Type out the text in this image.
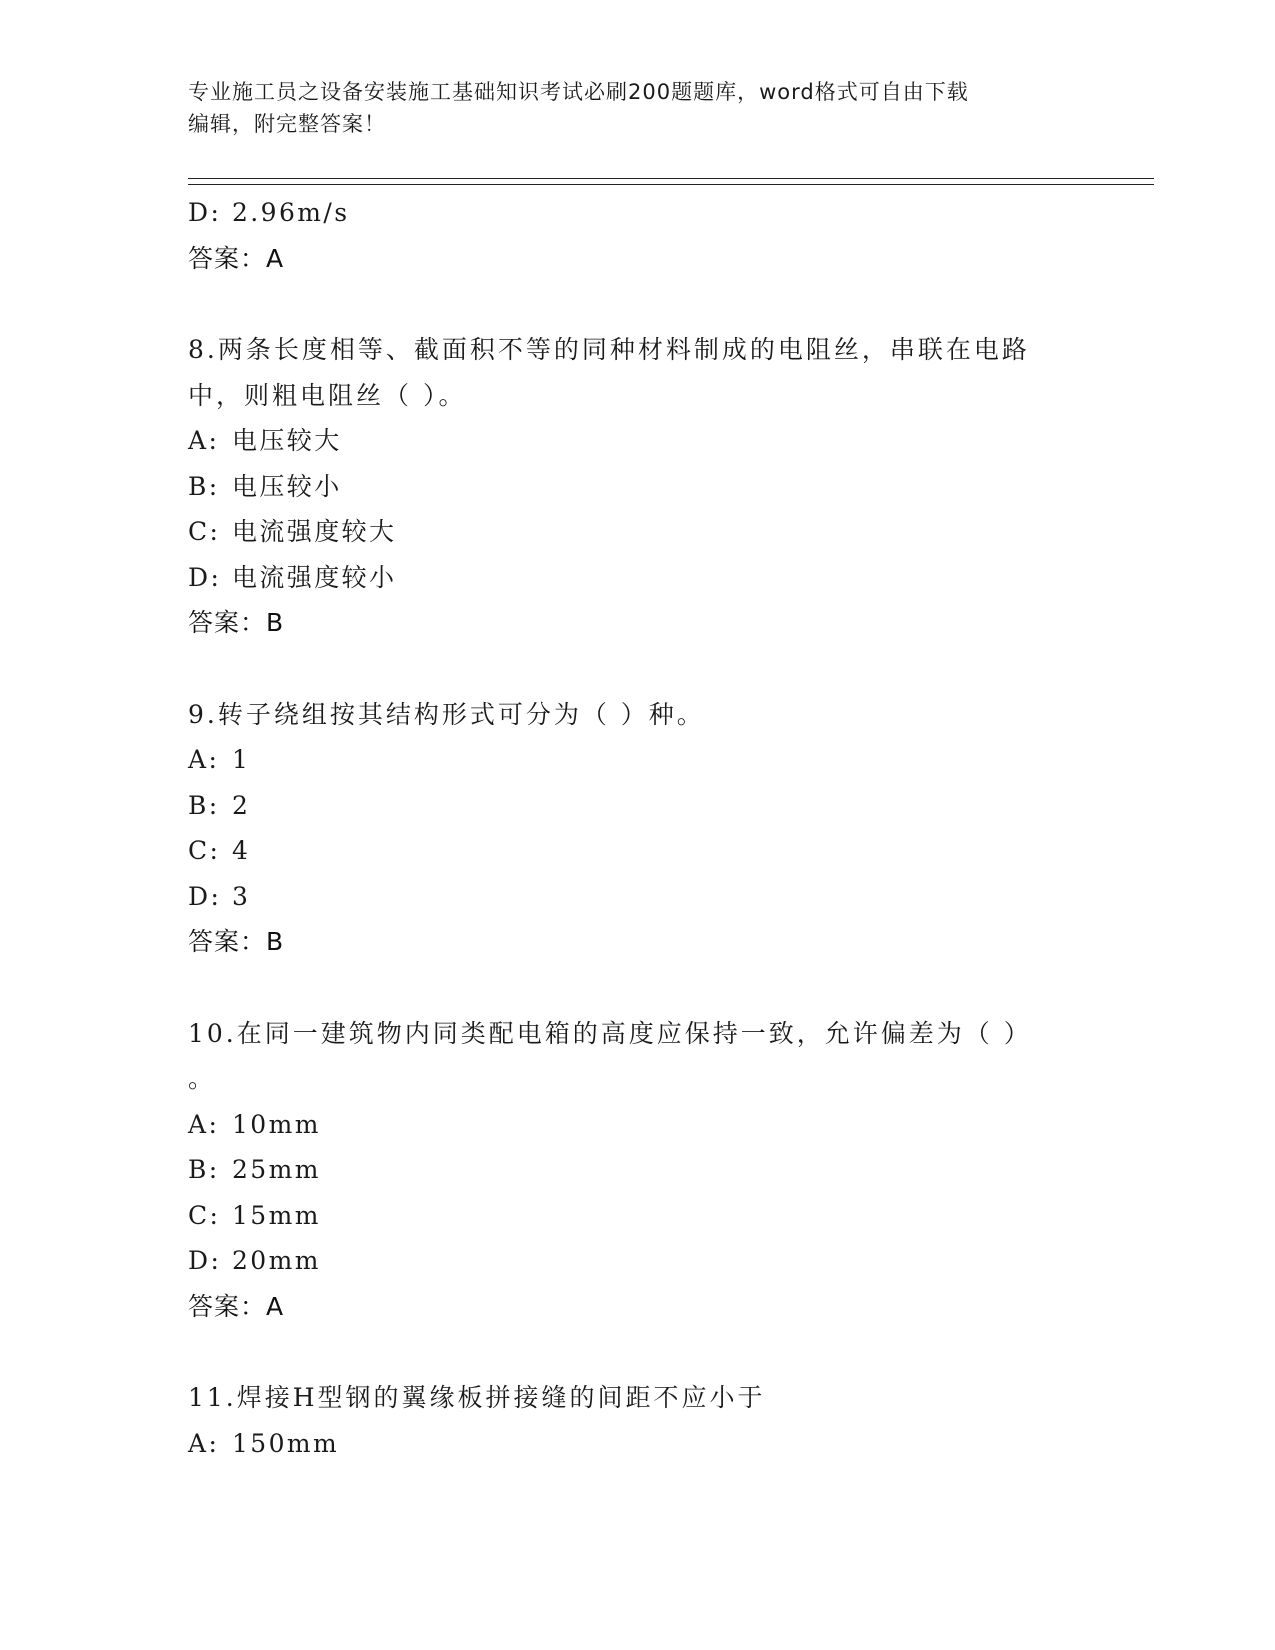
专业施工员之设备安装施工基础知识考试必刷200题题库，word格式可自由下载
编辑，附完整答案！
D: 2.96m/s
答案：A
8.两条长度相等、截面积不等的同种材料制成的电阻丝，串联在电路
中，则粗电阻丝（ ）。
A: 电压较大
B: 电压较小
C: 电流强度较大
D: 电流强度较小
答案：B
9.转子绕组按其结构形式可分为（ ）种。
A: 1
B: 2
C: 4
D: 3
答案：B
10.在同一建筑物内同类配电箱的高度应保持一致，允许偏差为（ ）
。
A: 10mm
B: 25mm
C: 15mm
D: 20mm
答案：A
11.焊接H型钢的翼缘板拼接缝的间距不应小于
A: 150mm
